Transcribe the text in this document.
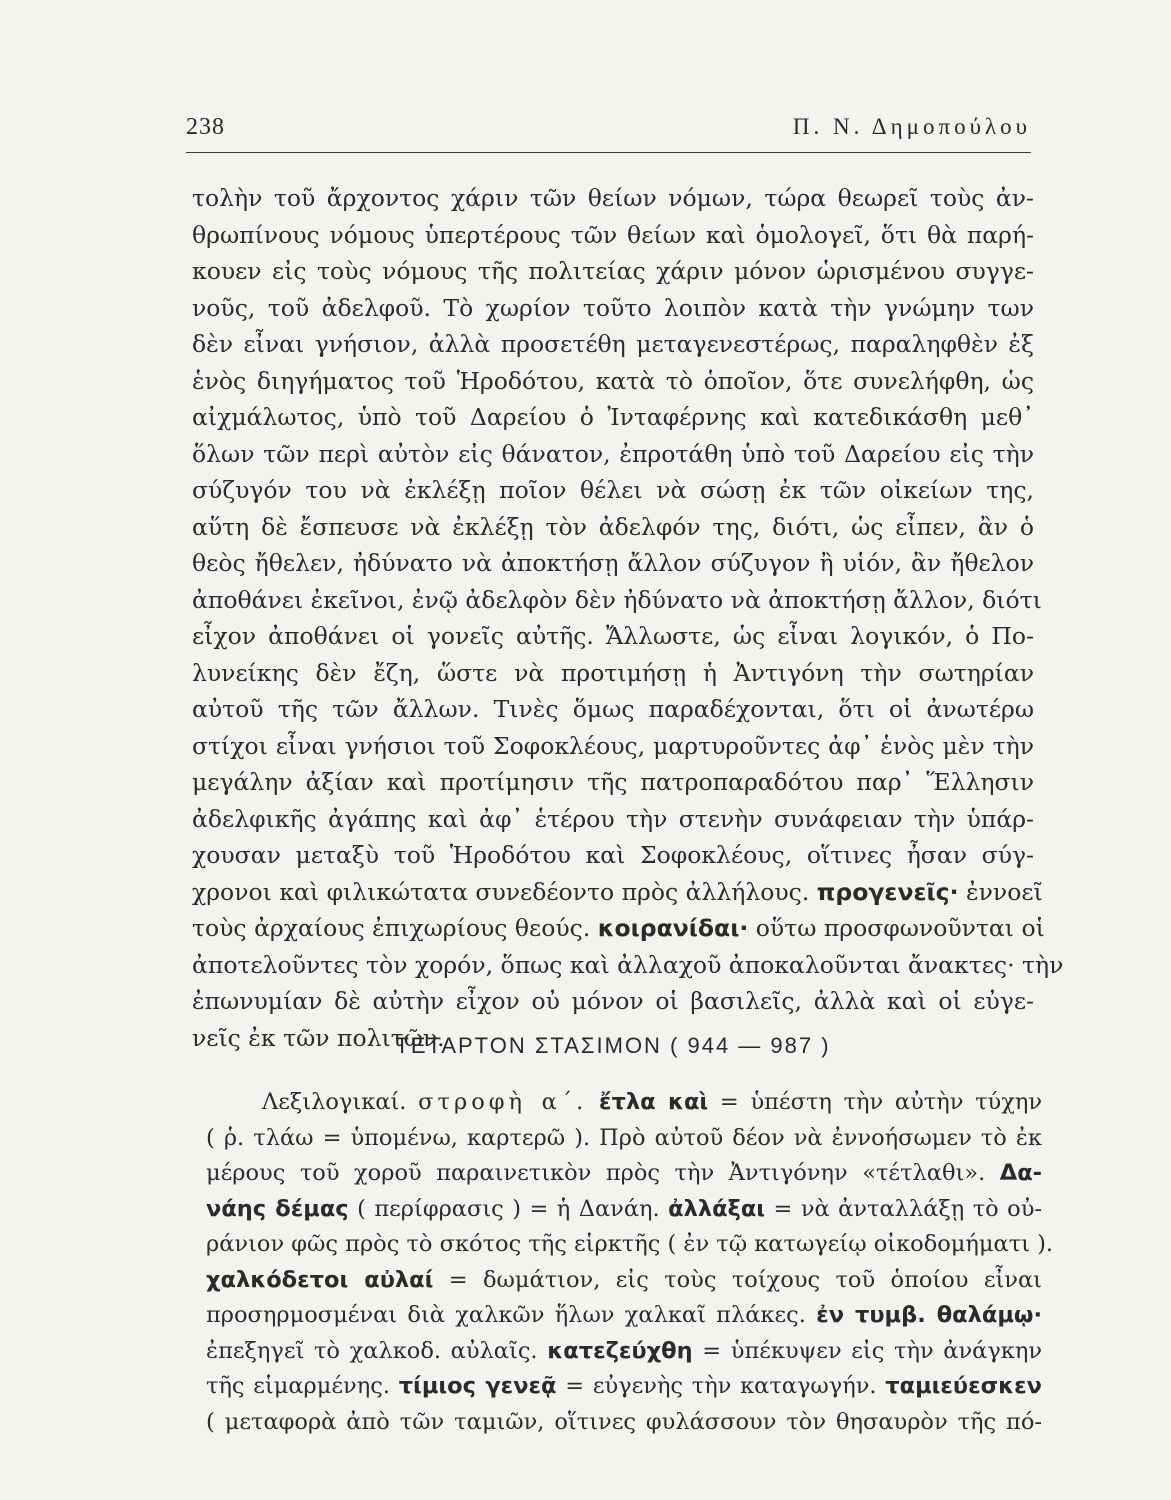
238	Π. Ν. Δημοπούλου
τολὴν τοῦ ἄρχοντος χάριν τῶν θείων νόμων, τώρα θεωρεῖ τοὺς ἀν-
θρωπίνους νόμους ὑπερτέρους τῶν θείων καὶ ὁμολογεῖ, ὅτι θὰ παρή-
κουεν εἰς τοὺς νόμους τῆς πολιτείας χάριν μόνον ὡρισμένου συγγε-
νοῦς, τοῦ ἀδελφοῦ. Τὸ χωρίον τοῦτο λοιπὸν κατὰ τὴν γνώμην των
δὲν εἶναι γνήσιον, ἀλλὰ προσετέθη μεταγενεστέρως, παραληφθὲν ἐξ
ἑνὸς διηγήματος τοῦ Ἡροδότου, κατὰ τὸ ὁποῖον, ὅτε συνελήφθη, ὡς
αἰχμάλωτος, ὑπὸ τοῦ Δαρείου ὁ Ἰνταφέρνης καὶ κατεδικάσθη μεθ᾿
ὅλων τῶν περὶ αὐτὸν εἰς θάνατον, ἐπροτάθη ὑπὸ τοῦ Δαρείου εἰς τὴν
σύζυγόν του νὰ ἐκλέξῃ ποῖον θέλει νὰ σώσῃ ἐκ τῶν οἰκείων της,
αὕτη δὲ ἔσπευσε νὰ ἐκλέξῃ τὸν ἀδελφόν της, διότι, ὡς εἶπεν, ἂν ὁ
θεὸς ἤθελεν, ἠδύνατο νὰ ἀποκτήσῃ ἄλλον σύζυγον ἢ υἱόν, ἂν ἤθελον
ἀποθάνει ἐκεῖνοι, ἐνῷ ἀδελφὸν δὲν ἠδύνατο νὰ ἀποκτήσῃ ἄλλον, διότι
εἶχον ἀποθάνει οἱ γονεῖς αὐτῆς. Ἄλλωστε, ὡς εἶναι λογικόν, ὁ Πο-
λυνείκης δὲν ἔζη, ὥστε νὰ προτιμήσῃ ἡ Ἀντιγόνη τὴν σωτηρίαν
αὐτοῦ τῆς τῶν ἄλλων. Τινὲς ὅμως παραδέχονται, ὅτι οἱ ἀνωτέρω
στίχοι εἶναι γνήσιοι τοῦ Σοφοκλέους, μαρτυροῦντες ἀφ᾿ ἑνὸς μὲν τὴν
μεγάλην ἀξίαν καὶ προτίμησιν τῆς πατροπαραδότου παρ᾿ Ἕλλησιν
ἀδελφικῆς ἀγάπης καὶ ἀφ᾿ ἑτέρου τὴν στενὴν συνάφειαν τὴν ὑπάρ-
χουσαν μεταξὺ τοῦ Ἡροδότου καὶ Σοφοκλέους, οἵτινες ἦσαν σύγ-
χρονοι καὶ φιλικώτατα συνεδέοντο πρὸς ἀλλήλους. προγενεῖς· ἐννοεῖ
τοὺς ἀρχαίους ἐπιχωρίους θεούς. κοιρανίδαι· οὕτω προσφωνοῦνται οἱ
ἀποτελοῦντες τὸν χορόν, ὅπως καὶ ἀλλαχοῦ ἀποκαλοῦνται ἄνακτες· τὴν
ἐπωνυμίαν δὲ αὐτὴν εἶχον οὐ μόνον οἱ βασιλεῖς, ἀλλὰ καὶ οἱ εὐγε-
νεῖς ἐκ τῶν πολιτῶν.
ΤΕΤΑΡΤΟΝ ΣΤΑΣΙΜΟΝ ( 944 — 987 )
Λεξιλογικαί. στροφὴ α΄. ἔτλα καὶ = ὑπέστη τὴν αὐτὴν τύχην
( ῥ. τλάω = ὑπομένω, καρτερῶ ). Πρὸ αὐτοῦ δέον νὰ ἐννοήσωμεν τὸ ἐκ
μέρους τοῦ χοροῦ παραινετικὸν πρὸς τὴν Ἀντιγόνην «τέτλαθι». Δα-
νάης δέμας ( περίφρασις ) = ἡ Δανάη. ἀλλάξαι = νὰ ἀνταλλάξῃ τὸ οὐ-
ράνιον φῶς πρὸς τὸ σκότος τῆς εἱρκτῆς ( ἐν τῷ κατωγείῳ οἰκοδομήματι ).
χαλκόδετοι αὐλαί = δωμάτιον, εἰς τοὺς τοίχους τοῦ ὁποίου εἶναι
προσηρμοσμέναι διὰ χαλκῶν ἥλων χαλκαῖ πλάκες. ἐν τυμβ. θαλάμῳ·
ἐπεξηγεῖ τὸ χαλκοδ. αὐλαῖς. κατεζεύχθη = ὑπέκυψεν εἰς τὴν ἀνάγκην
τῆς εἱμαρμένης. τίμιος γενεᾷ = εὐγενὴς τὴν καταγωγήν. ταμιεύεσκεν
( μεταφορὰ ἀπὸ τῶν ταμιῶν, οἵτινες φυλάσσουν τὸν θησαυρὸν τῆς πό-
